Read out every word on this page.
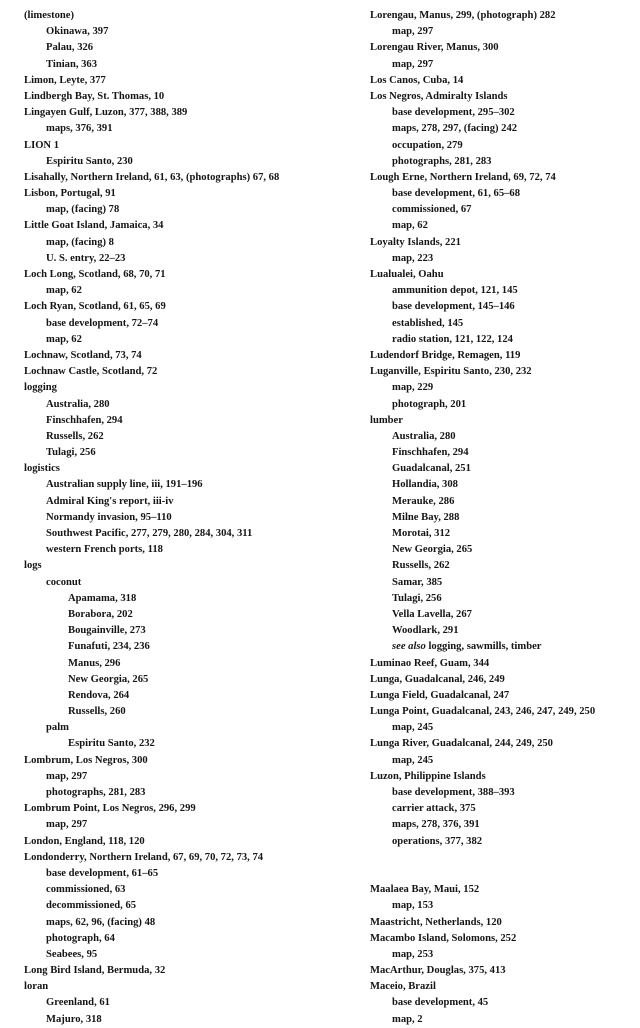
(limestone)
Okinawa, 397
Palau, 326
Tinian, 363
Limon, Leyte, 377
Lindbergh Bay, St. Thomas, 10
Lingayen Gulf, Luzon, 377, 388, 389
maps, 376, 391
LION 1
Espiritu Santo, 230
Lisahally, Northern Ireland, 61, 63, (photographs) 67, 68
Lisbon, Portugal, 91
map, (facing) 78
Little Goat Island, Jamaica, 34
map, (facing) 8
U. S. entry, 22–23
Loch Long, Scotland, 68, 70, 71
map, 62
Loch Ryan, Scotland, 61, 65, 69
base development, 72–74
map, 62
Lochnaw, Scotland, 73, 74
Lochnaw Castle, Scotland, 72
logging
Australia, 280
Finschhafen, 294
Russells, 262
Tulagi, 256
logistics
Australian supply line, iii, 191–196
Admiral King's report, iii-iv
Normandy invasion, 95–110
Southwest Pacific, 277, 279, 280, 284, 304, 311
western French ports, 118
logs
coconut
Apamama, 318
Borabora, 202
Bougainville, 273
Funafuti, 234, 236
Manus, 296
New Georgia, 265
Rendova, 264
Russells, 260
palm
Espiritu Santo, 232
Lombrum, Los Negros, 300
map, 297
photographs, 281, 283
Lombrum Point, Los Negros, 296, 299
map, 297
London, England, 118, 120
Londonderry, Northern Ireland, 67, 69, 70, 72, 73, 74
base development, 61–65
commissioned, 63
decommissioned, 65
maps, 62, 96, (facing) 48
photograph, 64
Seabees, 95
Long Bird Island, Bermuda, 32
loran
Greenland, 61
Majuro, 318
Lorengau, Manus, 299, (photograph) 282
map, 297
Lorengau River, Manus, 300
map, 297
Los Canos, Cuba, 14
Los Negros, Admiralty Islands
base development, 295–302
maps, 278, 297, (facing) 242
occupation, 279
photographs, 281, 283
Lough Erne, Northern Ireland, 69, 72, 74
base development, 61, 65–68
commissioned, 67
map, 62
Loyalty Islands, 221
map, 223
Lualualei, Oahu
ammunition depot, 121, 145
base development, 145–146
established, 145
radio station, 121, 122, 124
Ludendorf Bridge, Remagen, 119
Luganville, Espiritu Santo, 230, 232
map, 229
photograph, 201
lumber
Australia, 280
Finschhafen, 294
Guadalcanal, 251
Hollandia, 308
Merauke, 286
Milne Bay, 288
Morotai, 312
New Georgia, 265
Russells, 262
Samar, 385
Tulagi, 256
Vella Lavella, 267
Woodlark, 291
see also logging, sawmills, timber
Luminao Reef, Guam, 344
Lunga, Guadalcanal, 246, 249
Lunga Field, Guadalcanal, 247
Lunga Point, Guadalcanal, 243, 246, 247, 249, 250
map, 245
Lunga River, Guadalcanal, 244, 249, 250
map, 245
Luzon, Philippine Islands
base development, 388–393
carrier attack, 375
maps, 278, 376, 391
operations, 377, 382
Maalaea Bay, Maui, 152
map, 153
Maastricht, Netherlands, 120
Macambo Island, Solomons, 252
map, 253
MacArthur, Douglas, 375, 413
Maceio, Brazil
base development, 45
map, 2
